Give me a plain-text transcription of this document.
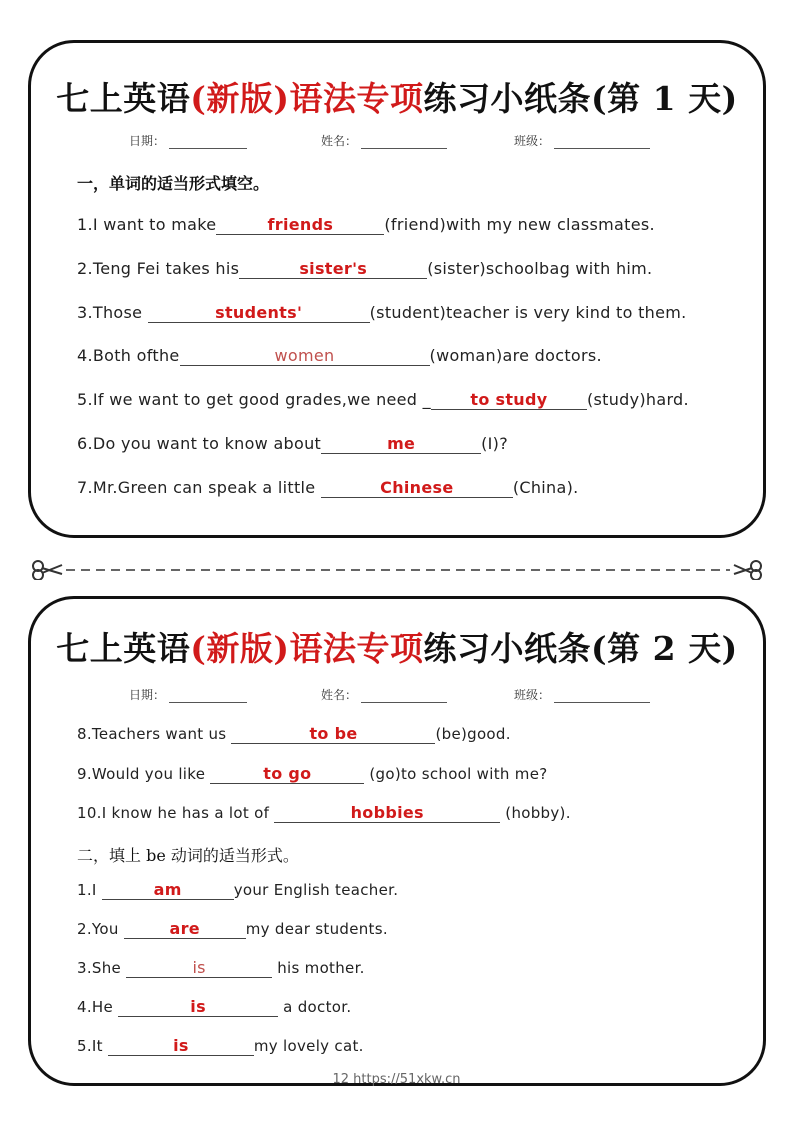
七上英语(新版)语法专项练习小纸条(第 1 天)
日期：	姓名：	班级：
一，单词的适当形式填空。
1.I want to make	friends	(friend)with my new classmates.
2.Teng Fei takes his	sister's	(sister)schoolbag with him.
3.Those	students'	(student)teacher is very kind to them.
4.Both ofthe	women	(woman)are doctors.
5.If we want to get good grades,we need _ to study (study)hard.
6.Do you want to know about	me	(I)?
7.Mr.Green can speak a little	Chinese	(China).
七上英语(新版)语法专项练习小纸条(第 2 天)
日期：	姓名：	班级：
8.Teachers want us	to be	(be)good.
9.Would you like	to go	(go)to school with me?
10.I know he has a lot of	hobbies	(hobby).
二，填上 be 动词的适当形式。
1.I	am	your English teacher.
2.You	are	my dear students.
3.She	is	his mother.
4.He	is	a doctor.
5.It	is	my lovely cat.
12 https://51xkw.cn
